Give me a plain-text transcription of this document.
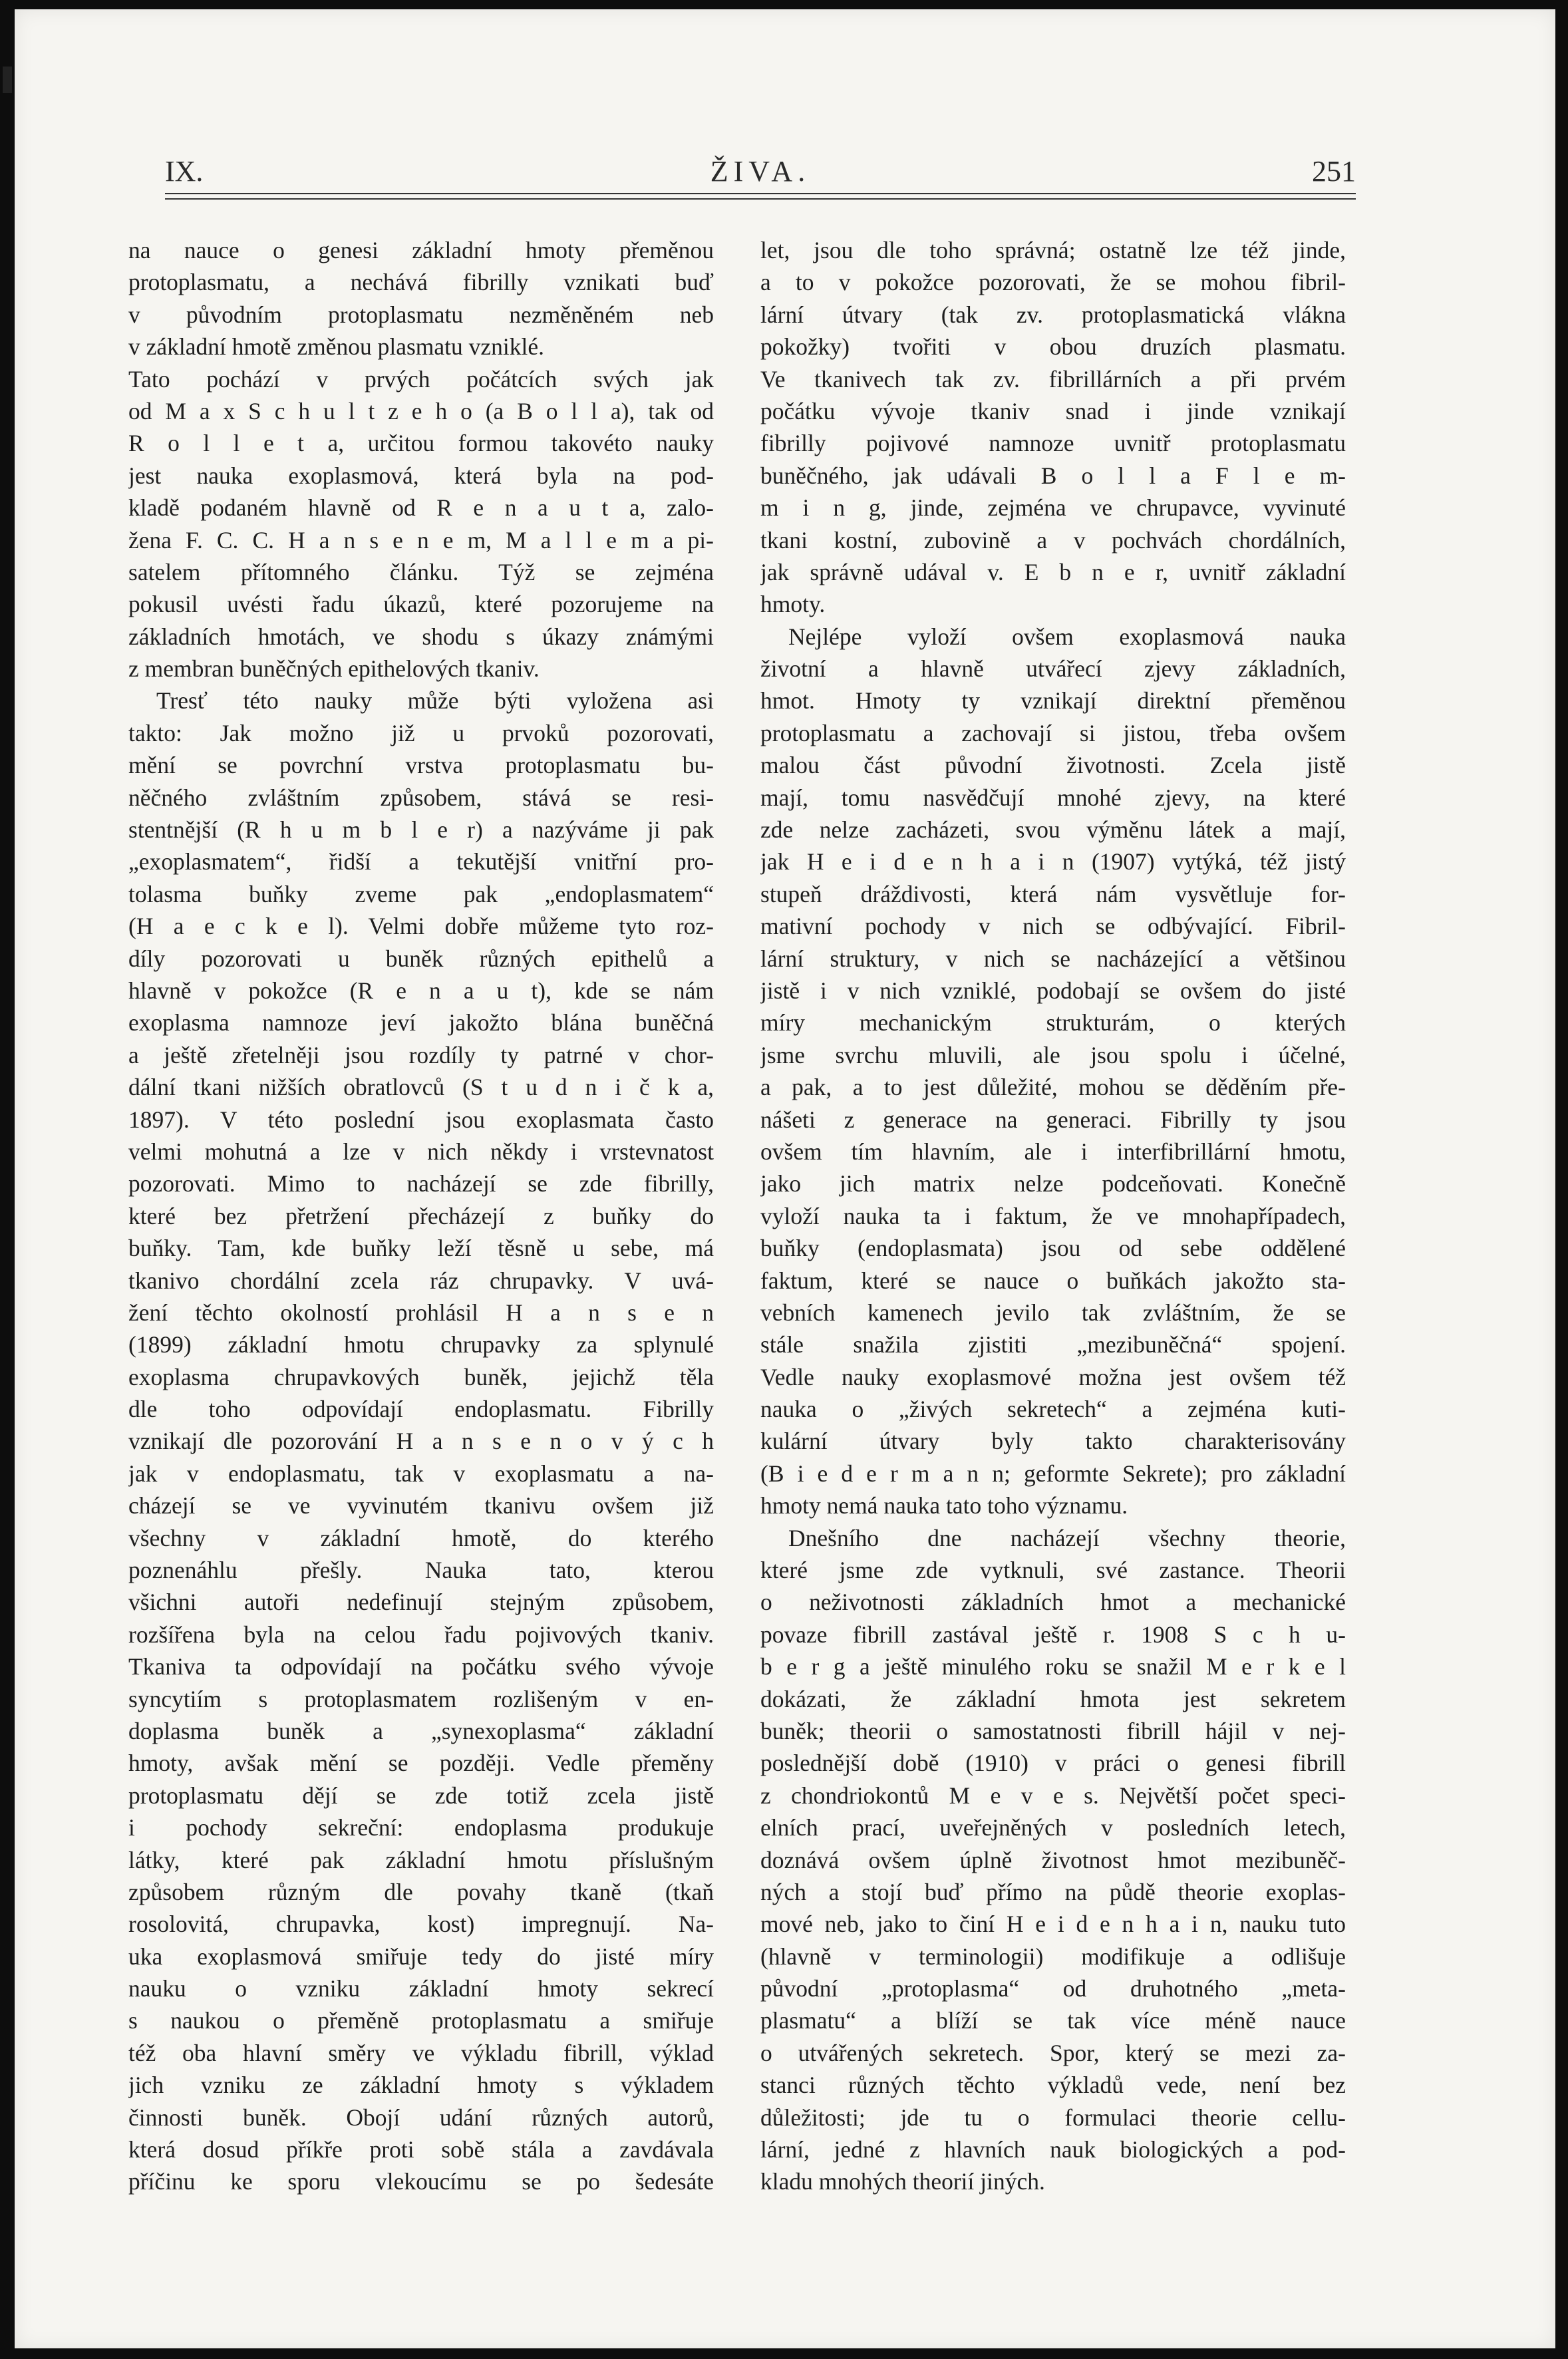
IX.	ŽIVA.	251
na nauce o genesi základní hmoty přeměnou
protoplasmatu, a nechává fibrilly vznikati buď
v původním protoplasmatu nezměněném neb
v základní hmotě změnou plasmatu vzniklé.
Tato pochází v prvých počátcích svých jak
od M a x S c h u l t z e h o (a B o l l a), tak od
R o l l e t a, určitou formou takovéto nauky
jest nauka exoplasmová, která byla na pod-
kladě podaném hlavně od R e n a u t a, zalo-
žena F. C. C. H a n s e n e m, M a l l e m a pi-
satelem přítomného článku. Týž se zejména
pokusil uvésti řadu úkazů, které pozorujeme na
základních hmotách, ve shodu s úkazy známými
z membran buněčných epithelových tkaniv.
Tresť této nauky může býti vyložena asi
takto: Jak možno již u prvoků pozorovati,
mění se povrchní vrstva protoplasmatu bu-
něčného zvláštním způsobem, stává se resi-
stentnější (R h u m b l e r) a nazýváme ji pak
„exoplasmatem“, řidší a tekutější vnitřní pro-
tolasma buňky zveme pak „endoplasmatem“
(H a e c k e l). Velmi dobře můžeme tyto roz-
díly pozorovati u buněk různých epithelů a
hlavně v pokožce (R e n a u t), kde se nám
exoplasma namnoze jeví jakožto blána buněčná
a ještě zřetelněji jsou rozdíly ty patrné v chor-
dální tkani nižších obratlovců (S t u d n i č k a,
1897). V této poslední jsou exoplasmata často
velmi mohutná a lze v nich někdy i vrstevnatost
pozorovati. Mimo to nacházejí se zde fibrilly,
které bez přetržení přecházejí z buňky do
buňky. Tam, kde buňky leží těsně u sebe, má
tkanivo chordální zcela ráz chrupavky. V uvá-
žení těchto okolností prohlásil H a n s e n
(1899) základní hmotu chrupavky za splynulé
exoplasma chrupavkových buněk, jejichž těla
dle toho odpovídají endoplasmatu. Fibrilly
vznikají dle pozorování H a n s e n o v ý c h
jak v endoplasmatu, tak v exoplasmatu a na-
cházejí se ve vyvinutém tkanivu ovšem již
všechny v základní hmotě, do kterého
poznenáhlu přešly. Nauka tato, kterou
všichni autoři nedefinují stejným způsobem,
rozšířena byla na celou řadu pojivových tkaniv.
Tkaniva ta odpovídají na počátku svého vývoje
syncytiím s protoplasmatem rozlišeným v en-
doplasma buněk a „synexoplasma“ základní
hmoty, avšak mění se později. Vedle přeměny
protoplasmatu dějí se zde totiž zcela jistě
i pochody sekreční: endoplasma produkuje
látky, které pak základní hmotu příslušným
způsobem různým dle povahy tkaně (tkaň
rosolovitá, chrupavka, kost) impregnují. Na-
uka exoplasmová smiřuje tedy do jisté míry
nauku o vzniku základní hmoty sekrecí
s naukou o přeměně protoplasmatu a smiřuje
též oba hlavní směry ve výkladu fibrill, výklad
jich vzniku ze základní hmoty s výkladem
činnosti buněk. Obojí udání různých autorů,
která dosud příkře proti sobě stála a zavdávala
příčinu ke sporu vlekoucímu se po šedesáte
let, jsou dle toho správná; ostatně lze též jinde,
a to v pokožce pozorovati, že se mohou fibril-
lární útvary (tak zv. protoplasmatická vlákna
pokožky) tvořiti v obou druzích plasmatu.
Ve tkanivech tak zv. fibrillárních a při prvém
počátku vývoje tkaniv snad i jinde vznikají
fibrilly pojivové namnoze uvnitř protoplasmatu
buněčného, jak udávali B o l l a F l e m-
m i n g, jinde, zejména ve chrupavce, vyvinuté
tkani kostní, zubovině a v pochvách chordálních,
jak správně udával v. E b n e r, uvnitř základní
hmoty.
Nejlépe vyloží ovšem exoplasmová nauka
životní a hlavně utvářecí zjevy základních,
hmot. Hmoty ty vznikají direktní přeměnou
protoplasmatu a zachovají si jistou, třeba ovšem
malou část původní životnosti. Zcela jistě
mají, tomu nasvědčují mnohé zjevy, na které
zde nelze zacházeti, svou výměnu látek a mají,
jak H e i d e n h a i n (1907) vytýká, též jistý
stupeň dráždivosti, která nám vysvětluje for-
mativní pochody v nich se odbývající. Fibril-
lární struktury, v nich se nacházející a většinou
jistě i v nich vzniklé, podobají se ovšem do jisté
míry mechanickým strukturám, o kterých
jsme svrchu mluvili, ale jsou spolu i účelné,
a pak, a to jest důležité, mohou se děděním pře-
nášeti z generace na generaci. Fibrilly ty jsou
ovšem tím hlavním, ale i interfibrillární hmotu,
jako jich matrix nelze podceňovati. Konečně
vyloží nauka ta i faktum, že ve mnohapřípadech,
buňky (endoplasmata) jsou od sebe oddělené
faktum, které se nauce o buňkách jakožto sta-
vebních kamenech jevilo tak zvláštním, že se
stále snažila zjistiti „mezibuněčná“ spojení.
Vedle nauky exoplasmové možna jest ovšem též
nauka o „živých sekretech“ a zejména kuti-
kulární útvary byly takto charakterisovány
(B i e d e r m a n n; geformte Sekrete); pro základní
hmoty nemá nauka tato toho významu.
Dnešního dne nacházejí všechny theorie,
které jsme zde vytknuli, své zastance. Theorii
o neživotnosti základních hmot a mechanické
povaze fibrill zastával ještě r. 1908 S c h u-
b e r g a ještě minulého roku se snažil M e r k e l
dokázati, že základní hmota jest sekretem
buněk; theorii o samostatnosti fibrill hájil v nej-
poslednější době (1910) v práci o genesi fibrill
z chondriokontů M e v e s. Největší počet speci-
elních prací, uveřejněných v posledních letech,
doznává ovšem úplně životnost hmot mezibuněč-
ných a stojí buď přímo na půdě theorie exoplas-
mové neb, jako to činí H e i d e n h a i n, nauku tuto
(hlavně v terminologii) modifikuje a odlišuje
původní „protoplasma“ od druhotného „meta-
plasmatu“ a blíží se tak více méně nauce
o utvářených sekretech. Spor, který se mezi za-
stanci různých těchto výkladů vede, není bez
důležitosti; jde tu o formulaci theorie cellu-
lární, jedné z hlavních nauk biologických a pod-
kladu mnohých theorií jiných.
